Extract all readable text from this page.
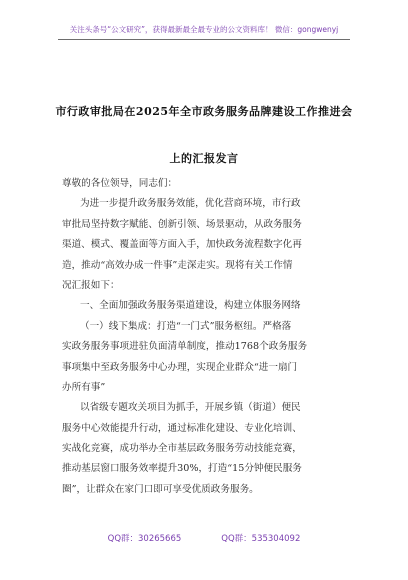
关注头条号“公文研究”，获得最新最全最专业的公文资料库！ 微信：gongwenyj
市行政审批局在2025年全市政务服务品牌建设工作推进会
上的汇报发言
尊敬的各位领导，同志们：
为进一步提升政务服务效能，优化营商环境，市行政
审批局坚持数字赋能、创新引领、场景驱动，从政务服务
渠道、模式、覆盖面等方面入手，加快政务流程数字化再
造，推动“高效办成一件事”走深走实。现将有关工作情
况汇报如下：
一、全面加强政务服务渠道建设，构建立体服务网络
（一）线下集成：打造“一门式”服务枢纽。严格落
实政务服务事项进驻负面清单制度，推动1768个政务服务
事项集中至政务服务中心办理，实现企业群众“进一扇门
办所有事”
以省级专题攻关项目为抓手，开展乡镇（街道）便民
服务中心效能提升行动，通过标准化建设、专业化培训、
实战化竞赛，成功举办全市基层政务服务劳动技能竞赛，
推动基层窗口服务效率提升30%，打造“15分钟便民服务
圈”，让群众在家门口即可享受优质政务服务。
QQ群：30265665	QQ群：535304092
